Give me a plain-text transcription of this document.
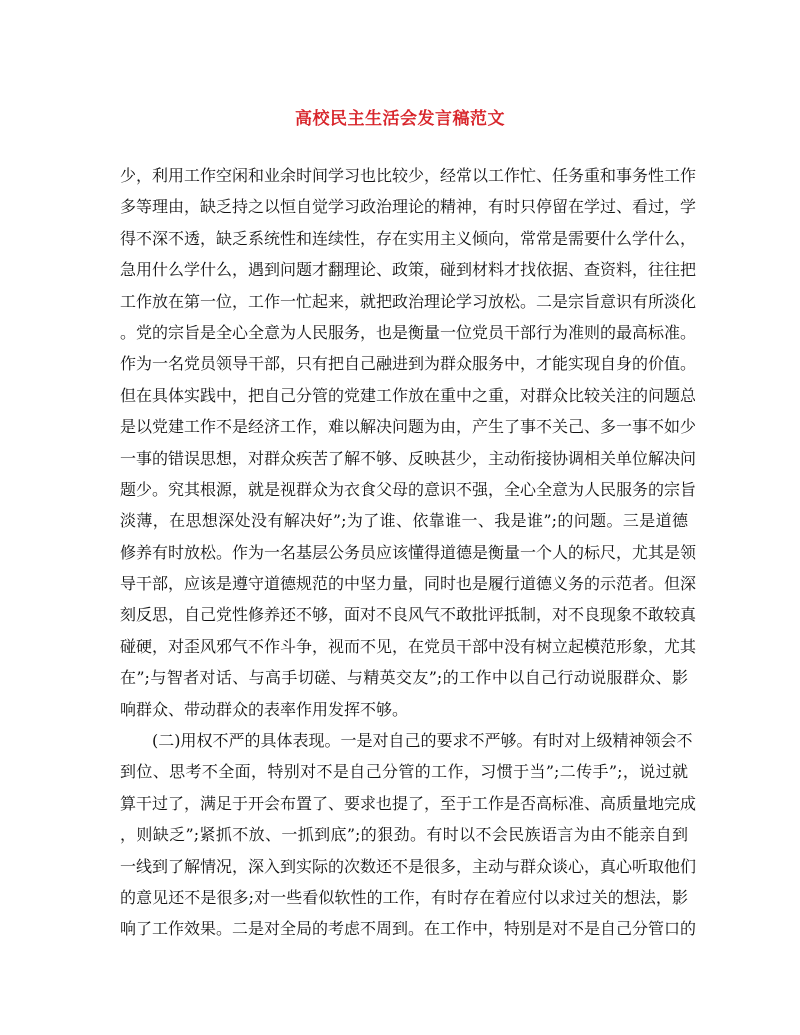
高校民主生活会发言稿范文
少，利用工作空闲和业余时间学习也比较少，经常以工作忙、任务重和事务性工作
多等理由，缺乏持之以恒自觉学习政治理论的精神，有时只停留在学过、看过，学
得不深不透，缺乏系统性和连续性，存在实用主义倾向，常常是需要什么学什么，
急用什么学什么，遇到问题才翻理论、政策，碰到材料才找依据、查资料，往往把
工作放在第一位，工作一忙起来，就把政治理论学习放松。二是宗旨意识有所淡化
。党的宗旨是全心全意为人民服务，也是衡量一位党员干部行为准则的最高标准。
作为一名党员领导干部，只有把自己融进到为群众服务中，才能实现自身的价值。
但在具体实践中，把自己分管的党建工作放在重中之重，对群众比较关注的问题总
是以党建工作不是经济工作，难以解决问题为由，产生了事不关己、多一事不如少
一事的错误思想，对群众疾苦了解不够、反映甚少，主动衔接协调相关单位解决问
题少。究其根源，就是视群众为衣食父母的意识不强，全心全意为人民服务的宗旨
淡薄，在思想深处没有解决好”;为了谁、依靠谁一、我是谁”;的问题。三是道德
修养有时放松。作为一名基层公务员应该懂得道德是衡量一个人的标尺，尤其是领
导干部，应该是遵守道德规范的中坚力量，同时也是履行道德义务的示范者。但深
刻反思，自己党性修养还不够，面对不良风气不敢批评抵制，对不良现象不敢较真
碰硬，对歪风邪气不作斗争，视而不见，在党员干部中没有树立起模范形象，尤其
在”;与智者对话、与高手切磋、与精英交友”;的工作中以自己行动说服群众、影
响群众、带动群众的表率作用发挥不够。
(二)用权不严的具体表现。一是对自己的要求不严够。有时对上级精神领会不
到位、思考不全面，特别对不是自己分管的工作，习惯于当”;二传手”;，说过就
算干过了，满足于开会布置了、要求也提了，至于工作是否高标准、高质量地完成
，则缺乏”;紧抓不放、一抓到底”;的狠劲。有时以不会民族语言为由不能亲自到
一线到了解情况，深入到实际的次数还不是很多，主动与群众谈心，真心听取他们
的意见还不是很多;对一些看似软性的工作，有时存在着应付以求过关的想法，影
响了工作效果。二是对全局的考虑不周到。在工作中，特别是对不是自己分管口的
